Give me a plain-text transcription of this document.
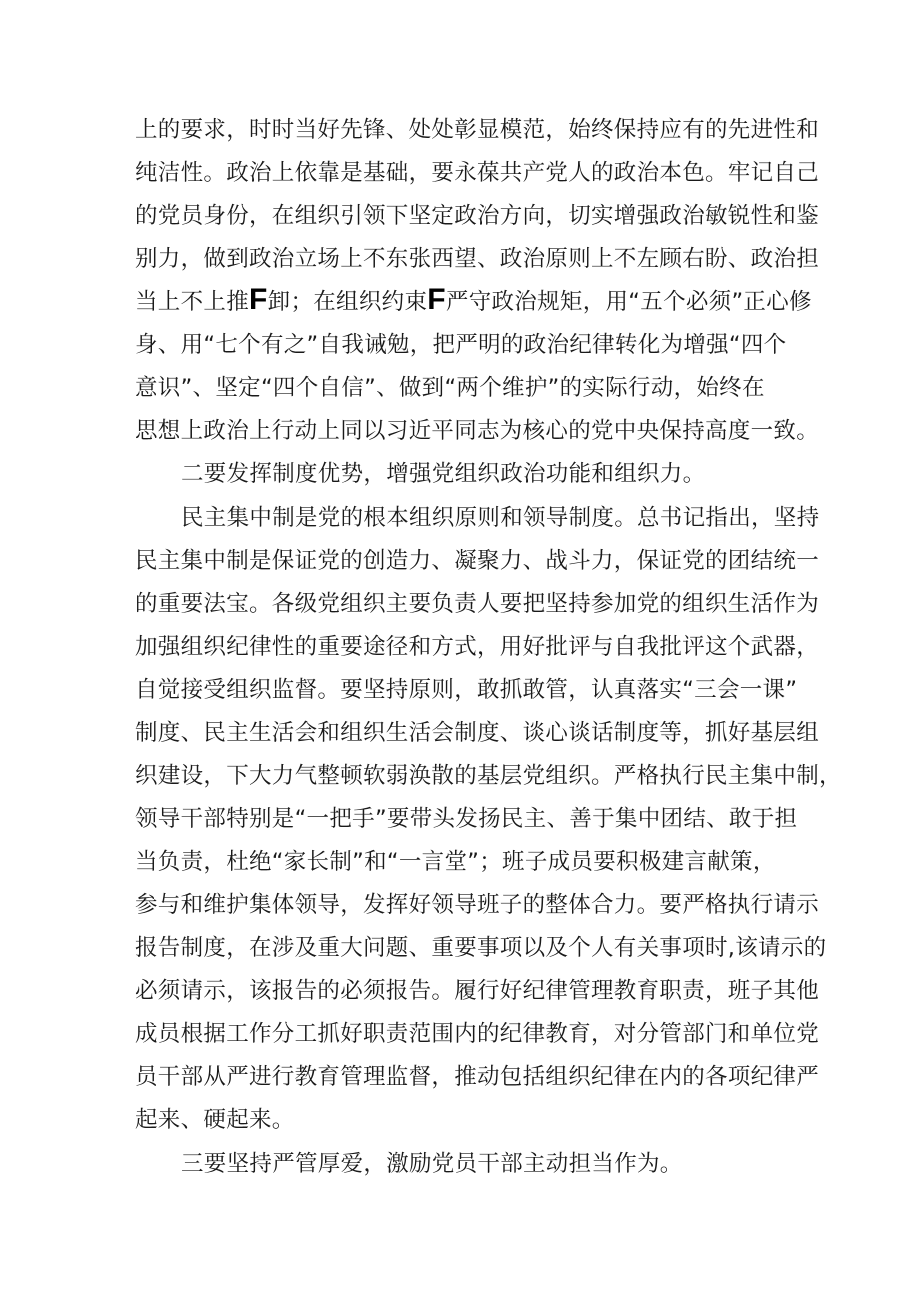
上的要求，时时当好先锋、处处彰显模范，始终保持应有的先进性和
纯洁性。政治上依靠是基础，要永葆共产党人的政治本色。牢记自己
的党员身份，在组织引领下坚定政治方向，切实增强政治敏锐性和鉴
别力，做到政治立场上不东张西望、政治原则上不左顾右盼、政治担
当上不上推F卸；在组织约束F严守政治规矩，用“五个必须”正心修
身、用“七个有之”自我诫勉，把严明的政治纪律转化为增强“四个
意识”、坚定“四个自信”、做到“两个维护”的实际行动，始终在
思想上政治上行动上同以习近平同志为核心的党中央保持高度一致。
二要发挥制度优势，增强党组织政治功能和组织力。
民主集中制是党的根本组织原则和领导制度。总书记指出，坚持
民主集中制是保证党的创造力、凝聚力、战斗力，保证党的团结统一
的重要法宝。各级党组织主要负责人要把坚持参加党的组织生活作为
加强组织纪律性的重要途径和方式，用好批评与自我批评这个武器，
自觉接受组织监督。要坚持原则，敢抓敢管，认真落实“三会一课”
制度、民主生活会和组织生活会制度、谈心谈话制度等，抓好基层组
织建设，下大力气整顿软弱涣散的基层党组织。严格执行民主集中制，
领导干部特别是“一把手”要带头发扬民主、善于集中团结、敢于担
当负责，杜绝“家长制”和“一言堂”；班子成员要积极建言献策，
参与和维护集体领导，发挥好领导班子的整体合力。要严格执行请示
报告制度，在涉及重大问题、重要事项以及个人有关事项时,该请示的
必须请示，该报告的必须报告。履行好纪律管理教育职责，班子其他
成员根据工作分工抓好职责范围内的纪律教育，对分管部门和单位党
员干部从严进行教育管理监督，推动包括组织纪律在内的各项纪律严
起来、硬起来。
三要坚持严管厚爱，激励党员干部主动担当作为。
